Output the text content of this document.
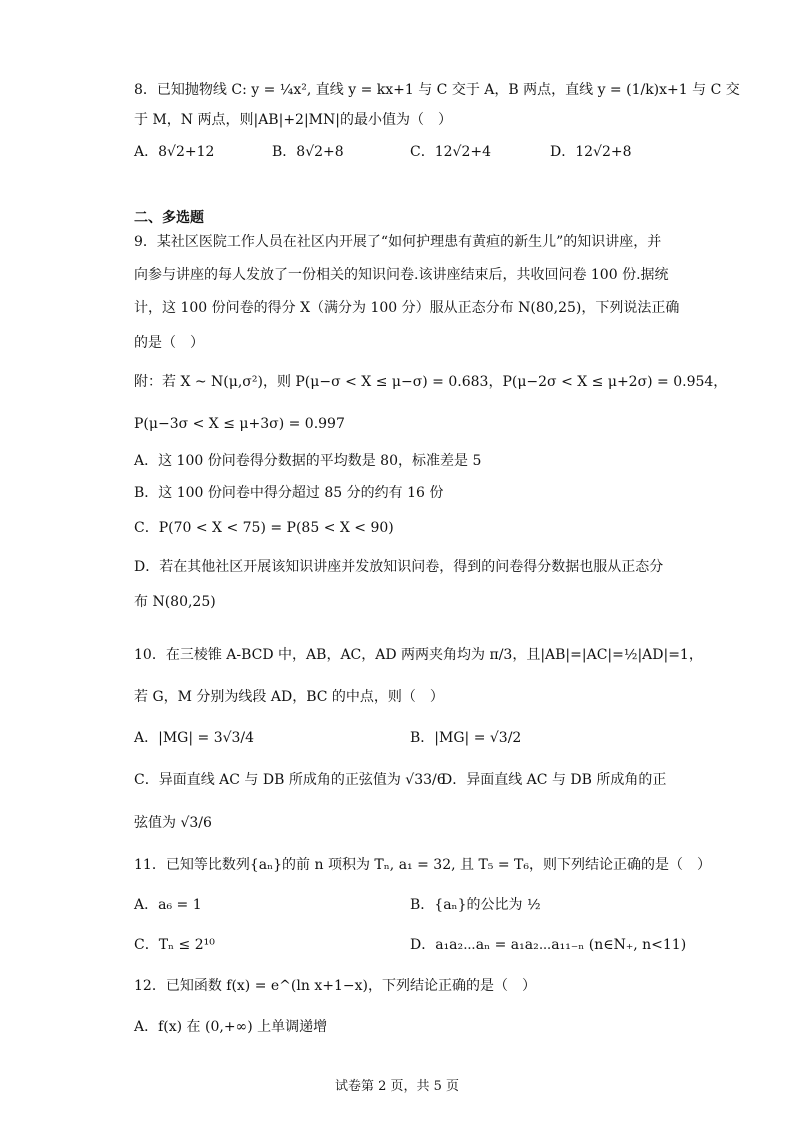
8．已知抛物线 C: y = ¼x², 直线 y = kx+1 与 C 交于 A，B 两点，直线 y = (1/k)x+1 与 C 交
于 M，N 两点，则|AB|+2|MN|的最小值为（　）
A．8√2+12	B．8√2+8	C．12√2+4	D．12√2+8
二、多选题
9．某社区医院工作人员在社区内开展了“如何护理患有黄疸的新生儿”的知识讲座，并
向参与讲座的每人发放了一份相关的知识问卷.该讲座结束后，共收回问卷 100 份.据统
计，这 100 份问卷的得分 X（满分为 100 分）服从正态分布 N(80,25)，下列说法正确
的是（　）
附：若 X ~ N(μ,σ²)，则 P(μ−σ < X ≤ μ−σ) = 0.683，P(μ−2σ < X ≤ μ+2σ) = 0.954，
P(μ−3σ < X ≤ μ+3σ) = 0.997
A．这 100 份问卷得分数据的平均数是 80，标准差是 5
B．这 100 份问卷中得分超过 85 分的约有 16 份
C．P(70 < X < 75) = P(85 < X < 90)
D．若在其他社区开展该知识讲座并发放知识问卷，得到的问卷得分数据也服从正态分
布 N(80,25)
10．在三棱锥 A-BCD 中，AB，AC，AD 两两夹角均为 π/3，且|AB|=|AC|=½|AD|=1，
若 G，M 分别为线段 AD，BC 的中点，则（　）
A．|MG| = 3√3/4	B．|MG| = √3/2
C．异面直线 AC 与 DB 所成角的正弦值为 √33/6
D．异面直线 AC 与 DB 所成角的正
弦值为 √3/6
11．已知等比数列{aₙ}的前 n 项积为 Tₙ, a₁ = 32, 且 T₅ = T₆，则下列结论正确的是（　）
A．a₆ = 1	B．{aₙ}的公比为 ½
C．Tₙ ≤ 2¹⁰	D．a₁a₂⋯aₙ = a₁a₂⋯a₁₁₋ₙ (n∈N₊, n<11)
12．已知函数 f(x) = e^(ln x+1−x)，下列结论正确的是（　）
A．f(x) 在 (0,+∞) 上单调递增
试卷第 2 页，共 5 页
